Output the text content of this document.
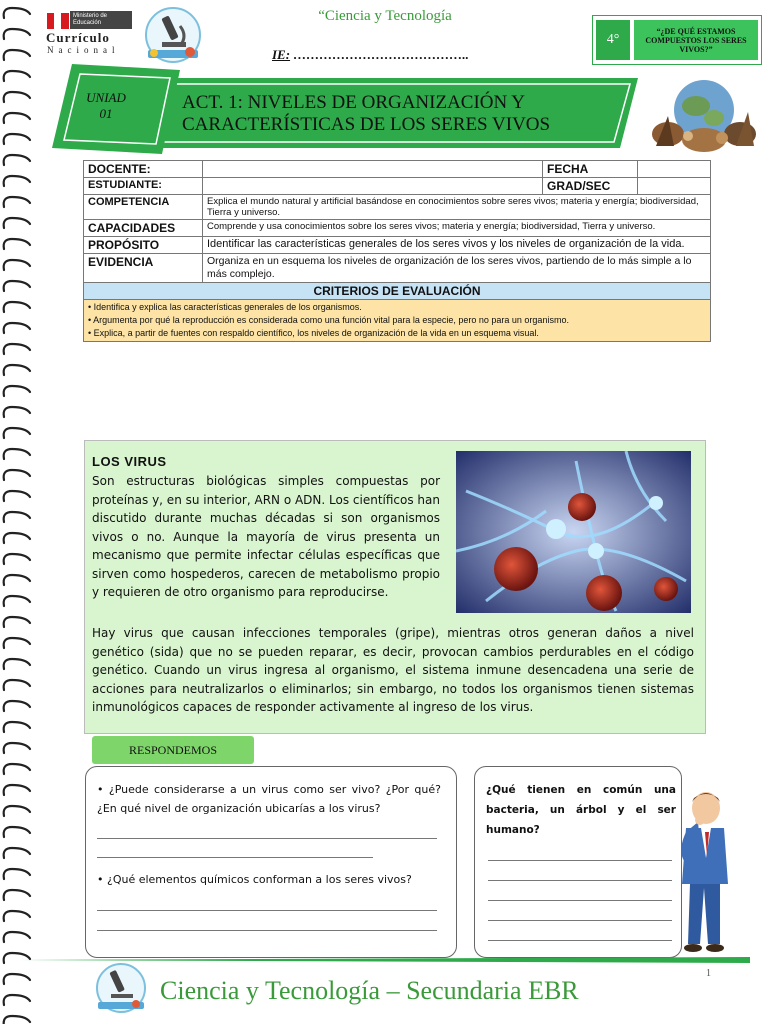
Ministerio de Educación
Currículo
Nacional
“Ciencia y Tecnología
IE: …………………………………..
4°
“¿DE QUÉ ESTAMOS COMPUESTOS LOS SERES VIVOS?”
UNIAD
01
ACT. 1: NIVELES DE ORGANIZACIÓN Y
CARACTERÍSTICAS DE LOS SERES VIVOS
DOCENTE:		FECHA	
ESTUDIANTE:		GRAD/SEC	
COMPETENCIA	Explica el mundo natural y artificial basándose en conocimientos sobre seres vivos; materia y energía; biodiversidad, Tierra y universo.		
CAPACIDADES	Comprende y usa conocimientos sobre los seres vivos; materia y energía; biodiversidad, Tierra y universo.		
PROPÓSITO	Identificar las características generales de los seres vivos y los niveles de organización de la vida.		
EVIDENCIA	Organiza en un esquema los niveles de organización de los seres vivos, partiendo de lo más simple a lo más complejo.		
CRITERIOS DE EVALUACIÓN			

• Identifica y explica las características generales de los organismos.
• Argumenta por qué la reproducción es considerada como una función vital para la especie, pero no para un organismo.
• Explica, a partir de fuentes con respaldo científico, los niveles de organización de la vida en un esquema visual.			
LOS VIRUS
Son estructuras biológicas simples compuestas por proteínas y, en su interior, ARN o ADN. Los científicos han discutido durante muchas décadas si son organismos vivos o no. Aunque la mayoría de virus presenta un mecanismo que permite infectar células específicas que sirven como hospederos, carecen de metabolismo propio y requieren de otro organismo para reproducirse.
Hay virus que causan infecciones temporales (gripe), mientras otros generan daños a nivel genético (sida) que no se pueden reparar, es decir, provocan cambios perdurables en el código genético. Cuando un virus ingresa al organismo, el sistema inmune desencadena una serie de acciones para neutralizarlos o eliminarlos; sin embargo, no todos los organismos tienen sistemas inmunológicos capaces de responder activamente al ingreso de los virus.
RESPONDEMOS
• ¿Puede considerarse a un virus como ser vivo? ¿Por qué? ¿En qué nivel de organización ubicarías a los virus?
• ¿Qué elementos químicos conforman a los seres vivos?
¿Qué tienen en común una bacteria, un árbol y el ser humano?
Ciencia y Tecnología – Secundaria EBR
1
